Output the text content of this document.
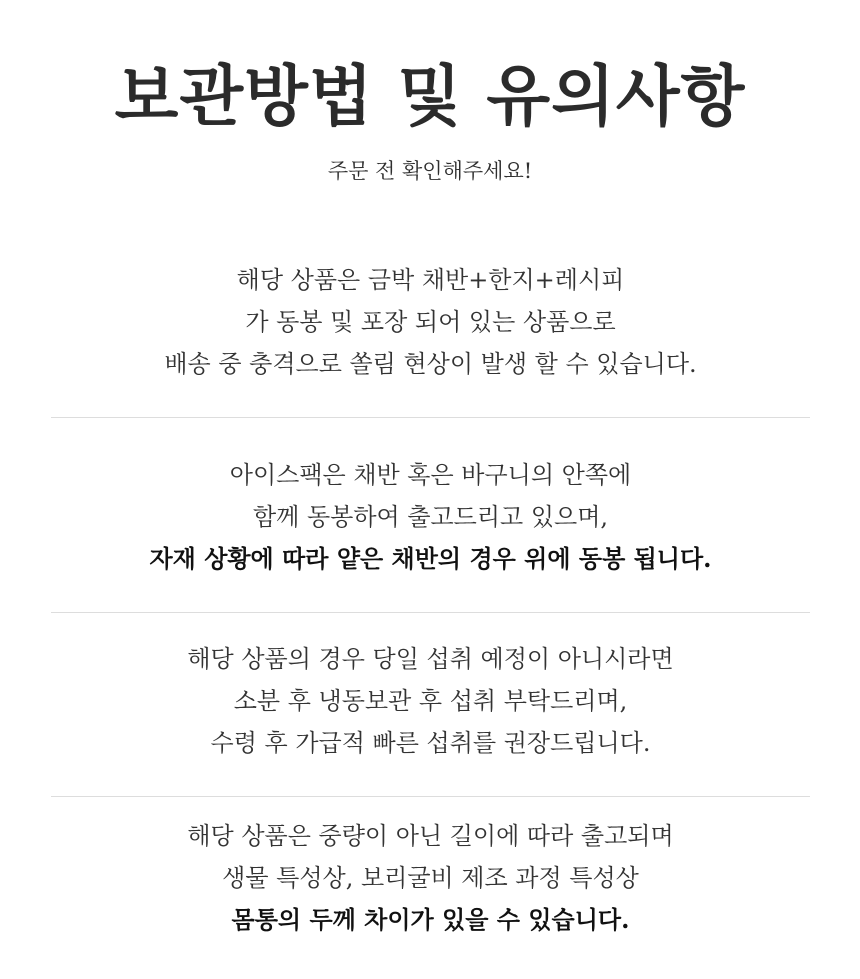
보관방법 및 유의사항

주문 전 확인해주세요!

해당 상품은 금박 채반+한지+레시피
가 동봉 및 포장 되어 있는 상품으로
배송 중 충격으로 쏠림 현상이 발생 할 수 있습니다.
아이스팩은 채반 혹은 바구니의 안쪽에
함께 동봉하여 출고드리고 있으며,
자재 상황에 따라 얕은 채반의 경우 위에 동봉 됩니다.
해당 상품의 경우 당일 섭취 예정이 아니시라면
소분 후 냉동보관 후 섭취 부탁드리며,
수령 후 가급적 빠른 섭취를 권장드립니다.
해당 상품은 중량이 아닌 길이에 따라 출고되며
생물 특성상, 보리굴비 제조 과정 특성상
몸통의 두께 차이가 있을 수 있습니다.
